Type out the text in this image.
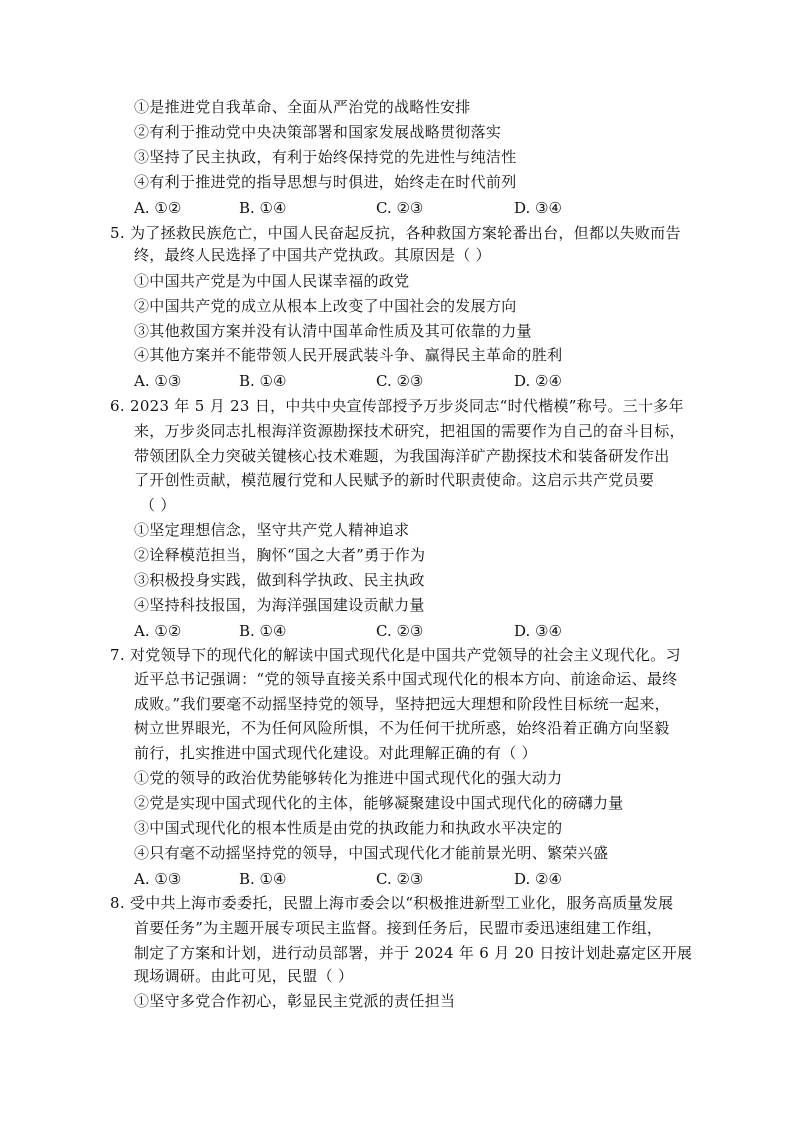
①是推进党自我革命、全面从严治党的战略性安排
②有利于推动党中央决策部署和国家发展战略贯彻落实
③坚持了民主执政，有利于始终保持党的先进性与纯洁性
④有利于推进党的指导思想与时俱进，始终走在时代前列
A. ①②	B. ①④	C. ②③	D. ③④
5. 为了拯救民族危亡，中国人民奋起反抗，各种救国方案轮番出台，但都以失败而告
终，最终人民选择了中国共产党执政。其原因是（ ）
①中国共产党是为中国人民谋幸福的政党
②中国共产党的成立从根本上改变了中国社会的发展方向
③其他救国方案并没有认清中国革命性质及其可依靠的力量
④其他方案并不能带领人民开展武装斗争、赢得民主革命的胜利
A. ①③	B. ①④	C. ②③	D. ②④
6. 2023 年 5 月 23 日，中共中央宣传部授予万步炎同志“时代楷模”称号。三十多年
来，万步炎同志扎根海洋资源勘探技术研究，把祖国的需要作为自己的奋斗目标，
带领团队全力突破关键核心技术难题，为我国海洋矿产勘探技术和装备研发作出
了开创性贡献，模范履行党和人民赋予的新时代职责使命。这启示共产党员要
（ ）
①坚定理想信念，坚守共产党人精神追求
②诠释模范担当，胸怀“国之大者”勇于作为
③积极投身实践，做到科学执政、民主执政
④坚持科技报国，为海洋强国建设贡献力量
A. ①②	B. ①④	C. ②③	D. ③④
7. 对党领导下的现代化的解读中国式现代化是中国共产党领导的社会主义现代化。习
近平总书记强调：“党的领导直接关系中国式现代化的根本方向、前途命运、最终
成败。”我们要毫不动摇坚持党的领导，坚持把远大理想和阶段性目标统一起来，
树立世界眼光，不为任何风险所惧，不为任何干扰所惑，始终沿着正确方向坚毅
前行，扎实推进中国式现代化建设。对此理解正确的有（ ）
①党的领导的政治优势能够转化为推进中国式现代化的强大动力
②党是实现中国式现代化的主体，能够凝聚建设中国式现代化的磅礴力量
③中国式现代化的根本性质是由党的执政能力和执政水平决定的
④只有毫不动摇坚持党的领导，中国式现代化才能前景光明、繁荣兴盛
A. ①③	B. ①④	C. ②③	D. ②④
8. 受中共上海市委委托，民盟上海市委会以“积极推进新型工业化，服务高质量发展
首要任务”为主题开展专项民主监督。接到任务后，民盟市委迅速组建工作组，
制定了方案和计划，进行动员部署，并于 2024 年 6 月 20 日按计划赴嘉定区开展
现场调研。由此可见，民盟（ ）
①坚守多党合作初心，彰显民主党派的责任担当
